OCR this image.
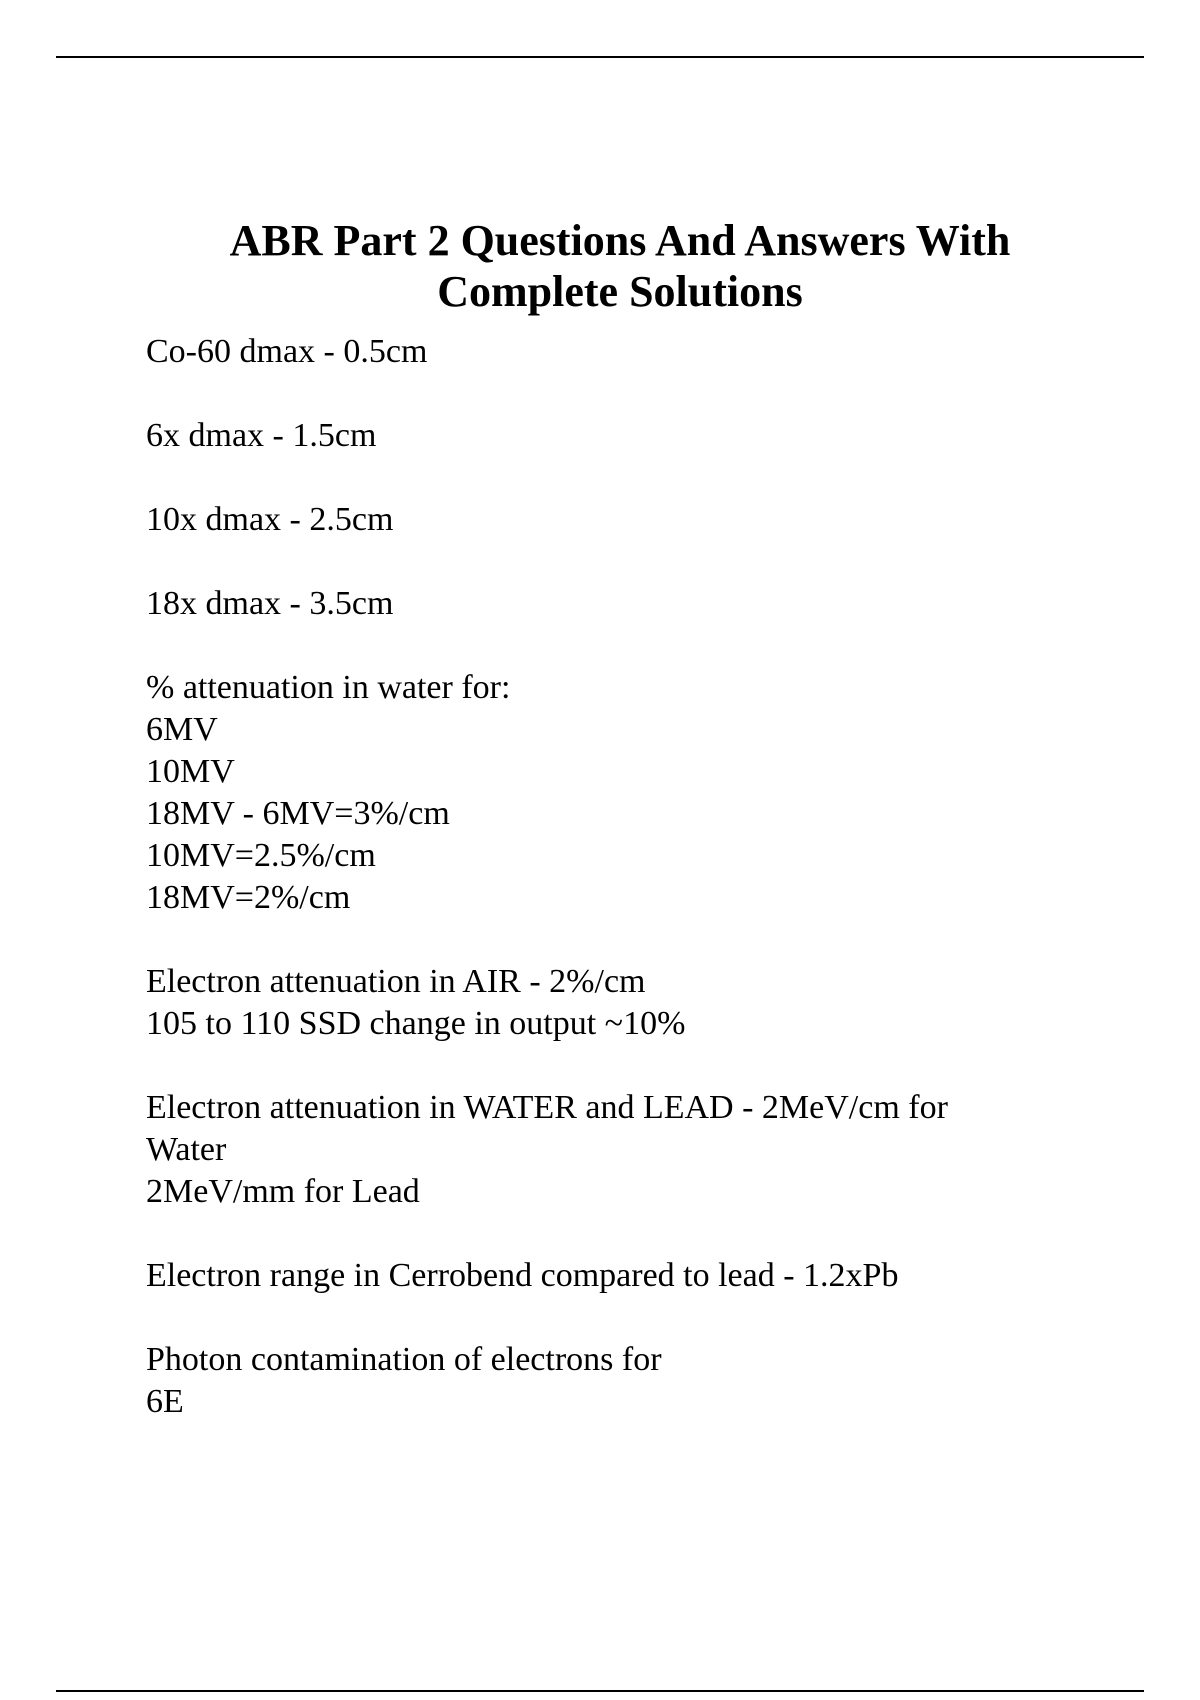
ABR Part 2 Questions And Answers With
Complete Solutions
Co-60 dmax - 0.5cm
6x dmax - 1.5cm
10x dmax - 2.5cm
18x dmax - 3.5cm
% attenuation in water for:
6MV
10MV
18MV - 6MV=3%/cm
10MV=2.5%/cm
18MV=2%/cm
Electron attenuation in AIR - 2%/cm
105 to 110 SSD change in output ~10%
Electron attenuation in WATER and LEAD - 2MeV/cm for
Water
2MeV/mm for Lead
Electron range in Cerrobend compared to lead - 1.2xPb
Photon contamination of electrons for
6E
